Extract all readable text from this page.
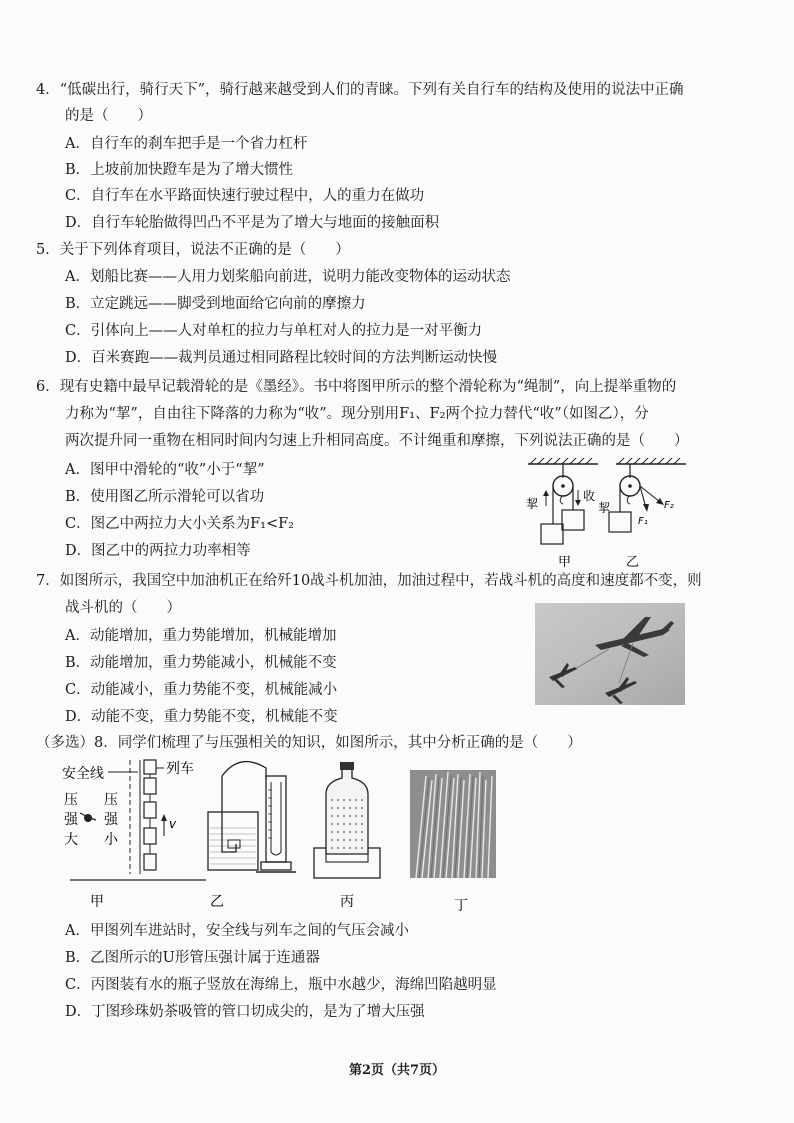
4．“低碳出行，骑行天下”，骑行越来越受到人们的青睐。下列有关自行车的结构及使用的说法中正确
的是（　　）
A．自行车的刹车把手是一个省力杠杆
B．上坡前加快蹬车是为了增大惯性
C．自行车在水平路面快速行驶过程中，人的重力在做功
D．自行车轮胎做得凹凸不平是为了增大与地面的接触面积
5．关于下列体育项目，说法不正确的是（　　）
A．划船比赛——人用力划桨船向前进，说明力能改变物体的运动状态
B．立定跳远——脚受到地面给它向前的摩擦力
C．引体向上——人对单杠的拉力与单杠对人的拉力是一对平衡力
D．百米赛跑——裁判员通过相同路程比较时间的方法判断运动快慢
6．现有史籍中最早记载滑轮的是《墨经》。书中将图甲所示的整个滑轮称为“绳制”，向上提举重物的
力称为“挈”，自由往下降落的力称为“收”。现分别用F₁、F₂两个拉力替代“收”（如图乙），分
两次提升同一重物在相同时间内匀速上升相同高度。不计绳重和摩擦，下列说法正确的是（　　）
A．图甲中滑轮的“收”小于“挈”
B．使用图乙所示滑轮可以省功
C．图乙中两拉力大小关系为F₁<F₂
D．图乙中的两拉力功率相等
挈
收
挈
F₁
F₂
甲	乙
7．如图所示，我国空中加油机正在给歼10战斗机加油，加油过程中，若战斗机的高度和速度都不变，则
战斗机的（　　）
A．动能增加，重力势能增加，机械能增加
B．动能增加，重力势能减小，机械能不变
C．动能减小，重力势能不变，机械能减小
D．动能不变，重力势能不变，机械能不变
（多选）8．同学们梳理了与压强相关的知识，如图所示，其中分析正确的是（　　）
安全线	列车
v
压
强
大
压
强
小
甲	乙	丙	丁
A．甲图列车进站时，安全线与列车之间的气压会减小
B．乙图所示的U形管压强计属于连通器
C．丙图装有水的瓶子竖放在海绵上，瓶中水越少，海绵凹陷越明显
D．丁图珍珠奶茶吸管的管口切成尖的，是为了增大压强
第2页（共7页）
